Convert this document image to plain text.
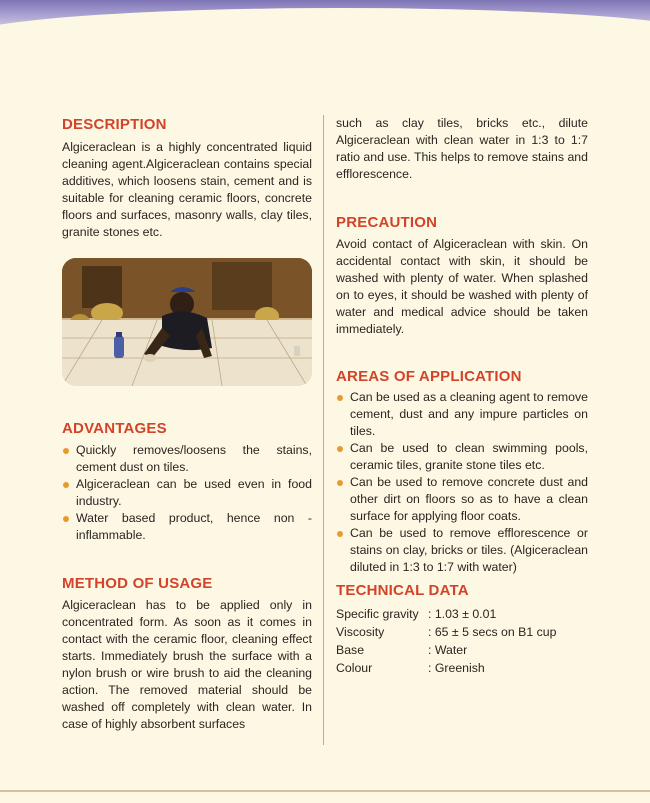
DESCRIPTION

Algiceraclean is a highly concentrated liquid cleaning agent.Algiceraclean contains special additives, which loosens stain, cement and is suitable for cleaning ceramic floors, concrete floors and surfaces, masonry walls, clay tiles, granite stones etc.

ADVANTAGES
Quickly removes/loosens the stains, cement dust on tiles.
Algiceraclean can be used even in food industry.
Water based product, hence non -inflammable.
METHOD OF USAGE

Algiceraclean has to be applied only in concentrated form. As soon as it comes in contact with the ceramic floor, cleaning effect starts. Immediately brush the surface with a nylon brush or wire brush to aid the cleaning action. The removed material should be washed off completely with clean water. In case of highly absorbent surfaces

such as clay tiles, bricks etc., dilute Algiceraclean with clean water in 1:3 to 1:7 ratio and use. This helps to remove stains and efflorescence.

PRECAUTION

Avoid contact of Algiceraclean with skin. On accidental contact with skin, it should be washed with plenty of water. When splashed on to eyes, it should be washed with plenty of water and medical advice should be taken immediately.

AREAS OF APPLICATION
Can be used as a cleaning agent to remove cement, dust and any impure particles on tiles.
Can be used to clean swimming pools, ceramic tiles, granite stone tiles etc.
Can be used to remove concrete dust and other dirt on floors so as to have a clean surface for applying floor coats.
Can be used to remove efflorescence or stains on clay, bricks or tiles. (Algiceraclean diluted in 1:3 to 1:7 with water)
TECHNICAL DATA
Specific gravity : 1.03 ± 0.01
Viscosity	: 65 ± 5 secs on B1 cup
Base	: Water
Colour	: Greenish
